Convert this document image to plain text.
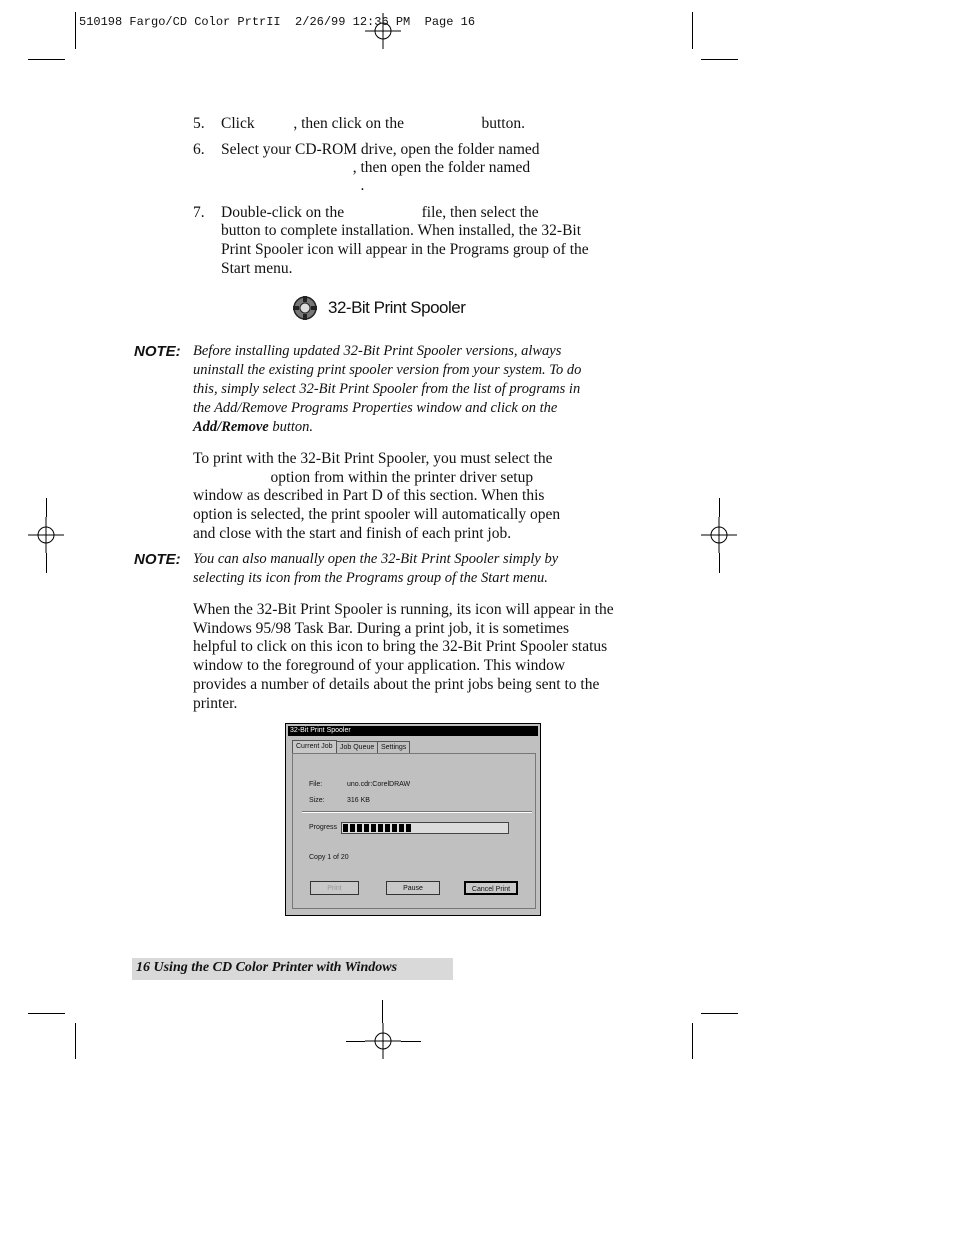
510198 Fargo/CD Color PrtrII  2/26/99 12:36 PM  Page 16
5. Click          , then click on the                    button.
6. Select your CD-ROM drive, open the folder named
, then open the folder named
.
7. Double-click on the                    file, then select the
button to complete installation. When installed, the 32-Bit
Print Spooler icon will appear in the Programs group of the
Start menu.
32-Bit Print Spooler
NOTE: Before installing updated 32-Bit Print Spooler versions, always
uninstall the existing print spooler version from your system. To do
this, simply select 32-Bit Print Spooler from the list of programs in
the Add/Remove Programs Properties window and click on the
Add/Remove button.
To print with the 32-Bit Print Spooler, you must select the
option from within the printer driver setup
window as described in Part D of this section. When this
option is selected, the print spooler will automatically open
and close with the start and finish of each print job.
NOTE: You can also manually open the 32-Bit Print Spooler simply by
selecting its icon from the Programs group of the Start menu.
When the 32-Bit Print Spooler is running, its icon will appear in the
Windows 95/98 Task Bar. During a print job, it is sometimes
helpful to click on this icon to bring the 32-Bit Print Spooler status
window to the foreground of your application. This window
provides a number of details about the print jobs being sent to the
printer.
32-Bit Print Spooler
Current Job	Job Queue Settings
File:	uno.cdr:CorelDRAW
Size:	316 KB
Progress
Copy 1 of 20
Print	Pause	Cancel Print
16 Using the CD Color Printer with Windows
